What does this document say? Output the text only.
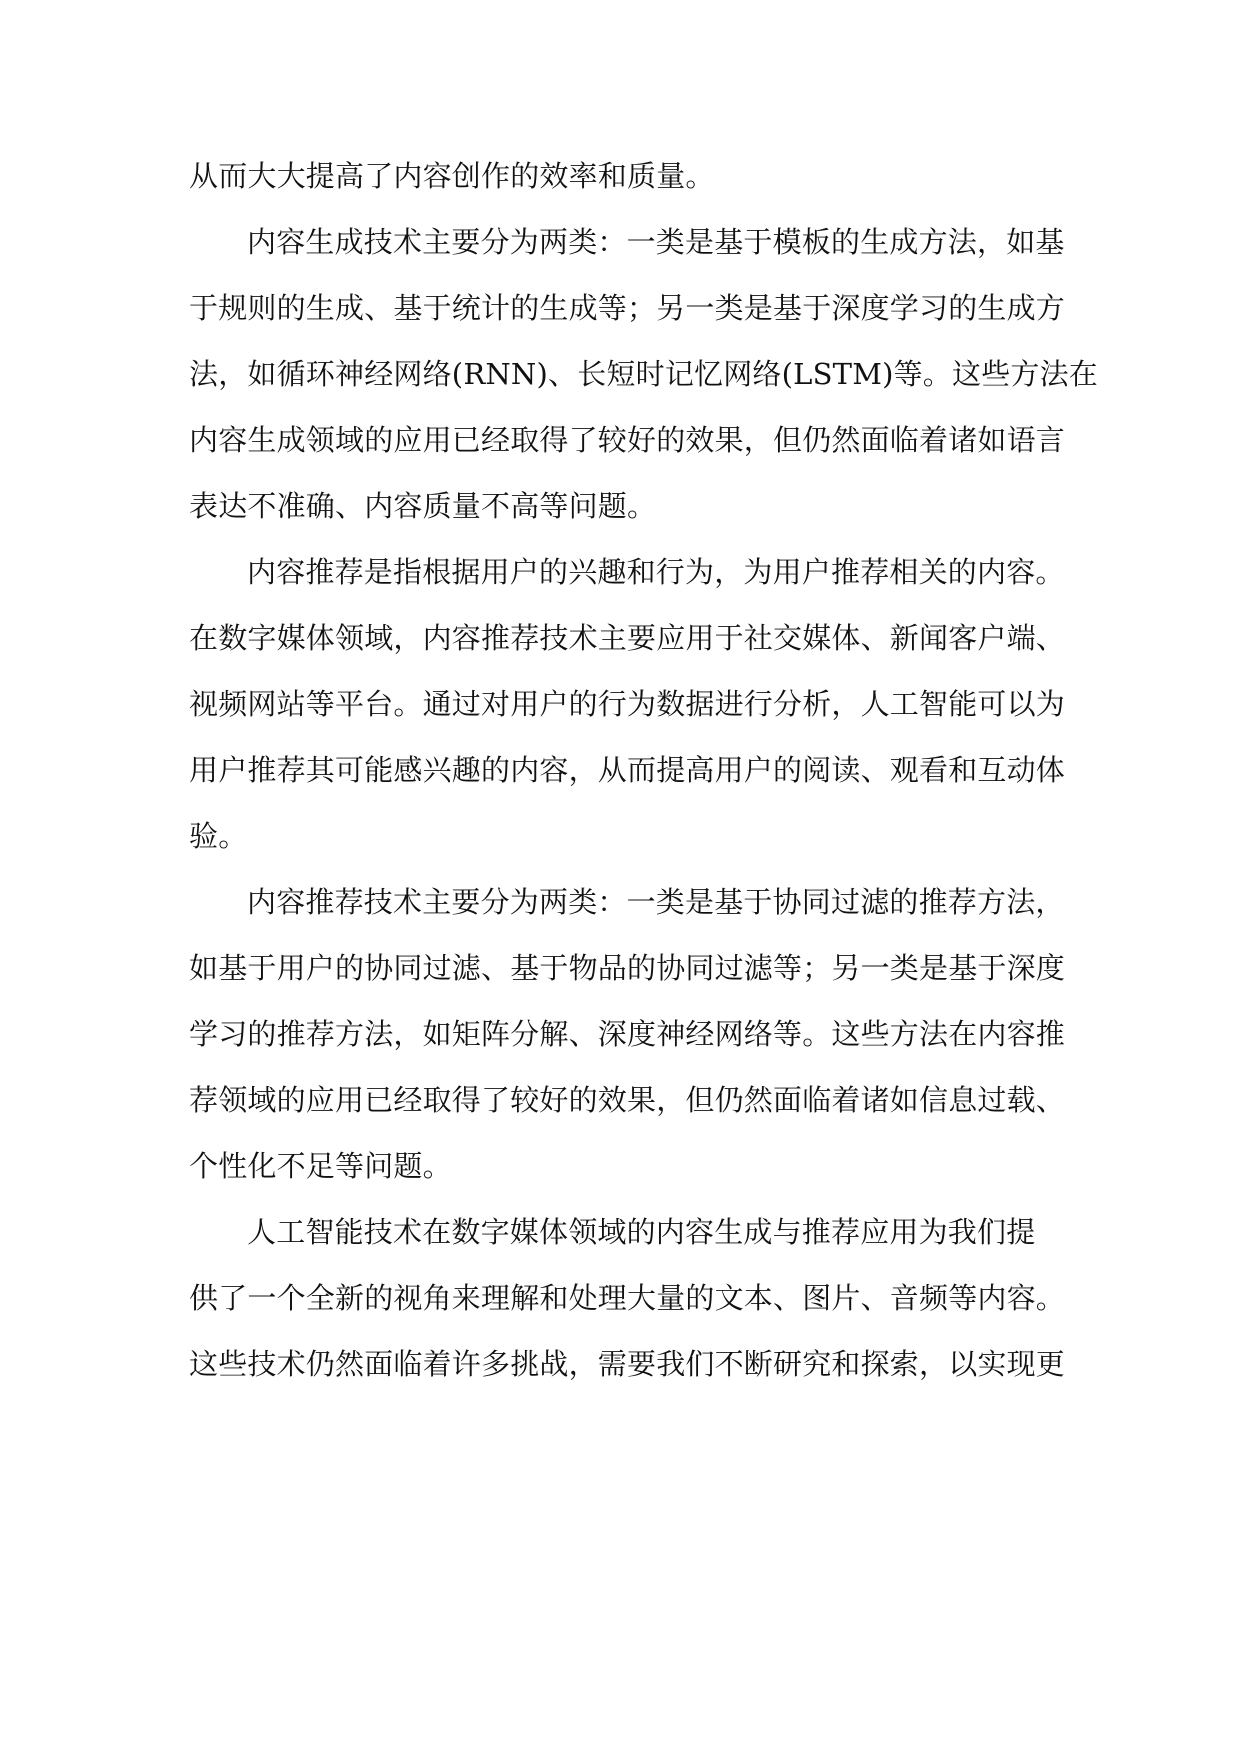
从而大大提高了内容创作的效率和质量。
内容生成技术主要分为两类：一类是基于模板的生成方法，如基
于规则的生成、基于统计的生成等；另一类是基于深度学习的生成方
法，如循环神经网络(RNN)、长短时记忆网络(LSTM)等。这些方法在
内容生成领域的应用已经取得了较好的效果，但仍然面临着诸如语言
表达不准确、内容质量不高等问题。
内容推荐是指根据用户的兴趣和行为，为用户推荐相关的内容。
在数字媒体领域，内容推荐技术主要应用于社交媒体、新闻客户端、
视频网站等平台。通过对用户的行为数据进行分析，人工智能可以为
用户推荐其可能感兴趣的内容，从而提高用户的阅读、观看和互动体
验。
内容推荐技术主要分为两类：一类是基于协同过滤的推荐方法，
如基于用户的协同过滤、基于物品的协同过滤等；另一类是基于深度
学习的推荐方法，如矩阵分解、深度神经网络等。这些方法在内容推
荐领域的应用已经取得了较好的效果，但仍然面临着诸如信息过载、
个性化不足等问题。
人工智能技术在数字媒体领域的内容生成与推荐应用为我们提
供了一个全新的视角来理解和处理大量的文本、图片、音频等内容。
这些技术仍然面临着许多挑战，需要我们不断研究和探索，以实现更
